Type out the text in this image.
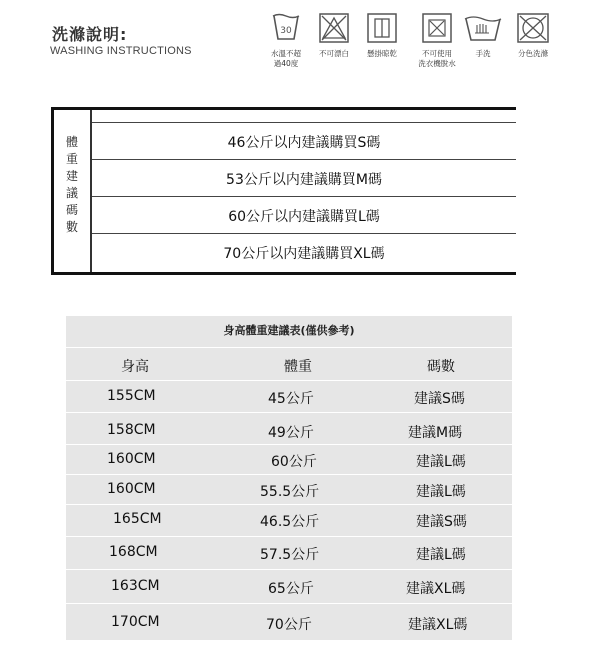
洗滌說明:
WASHING INSTRUCTIONS
30
水溫不超
過40度
不可漂白	懸掛晾乾	不可使用
洗衣機脫水
手洗	分色洗滌
體
重
建
議
碼
數
46公斤以内建議購買S碼
53公斤以内建議購買M碼
60公斤以内建議購買L碼
70公斤以内建議購買XL碼
身高體重建議表(僅供參考)
身高	體重	碼數
155CM	45公斤	建議S碼
158CM	49公斤	建議M碼
160CM	60公斤	建議L碼
160CM	55.5公斤	建議L碼
165CM	46.5公斤	建議S碼
168CM	57.5公斤	建議L碼
163CM	65公斤	建議XL碼
170CM	70公斤	建議XL碼
